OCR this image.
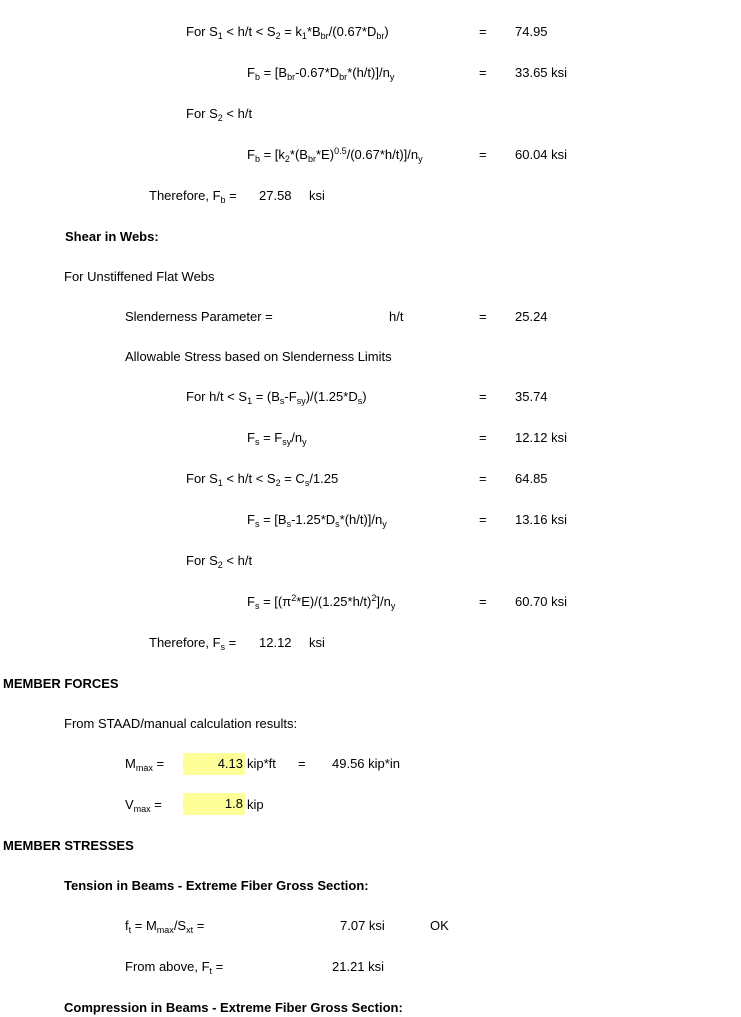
For $S_1 < h/t < S_2 = k_1*B_{br}/(0.67*D_{br})$	= 74.95
$F_b = [B_{br}-0.67*D_{br}*(h/t)]/n_y$	= 33.65 ksi
For $S_2 < h/t$
$F_b = [k_2*(B_{br}*E)^{0.5}/(0.67*h/t)]/n_y$	= 60.04 ksi
Therefore, $F_b = 27.58$ ksi
Shear in Webs:
For Unstiffened Flat Webs
Slenderness Parameter =	h/t	= 25.24
Allowable Stress based on Slenderness Limits
For $h/t < S_1 = (B_s-F_{sy})/(1.25*D_s)$	= 35.74
$F_s = F_{sy}/n_y$	= 12.12 ksi
For $S_1 < h/t < S_2 = C_s/1.25$	= 64.85
$F_s = [B_s-1.25*D_s*(h/t)]/n_y$	= 13.16 ksi
For $S_2 < h/t$
$F_s = [(\pi^2*E)/(1.25*h/t)^2]/n_y$	= 60.70 ksi
Therefore, $F_s = 12.12$ ksi
MEMBER FORCES
From STAAD/manual calculation results:
$M_{max}$ =	4.13 kip*ft = 49.56 kip*in
$V_{max}$ =	1.8 kip
MEMBER STRESSES
Tension in Beams - Extreme Fiber Gross Section:
$f_t = M_{max}/S_{xt}$ =	7.07 ksi	OK
From above, $F_t$ =	21.21 ksi
Compression in Beams - Extreme Fiber Gross Section:
